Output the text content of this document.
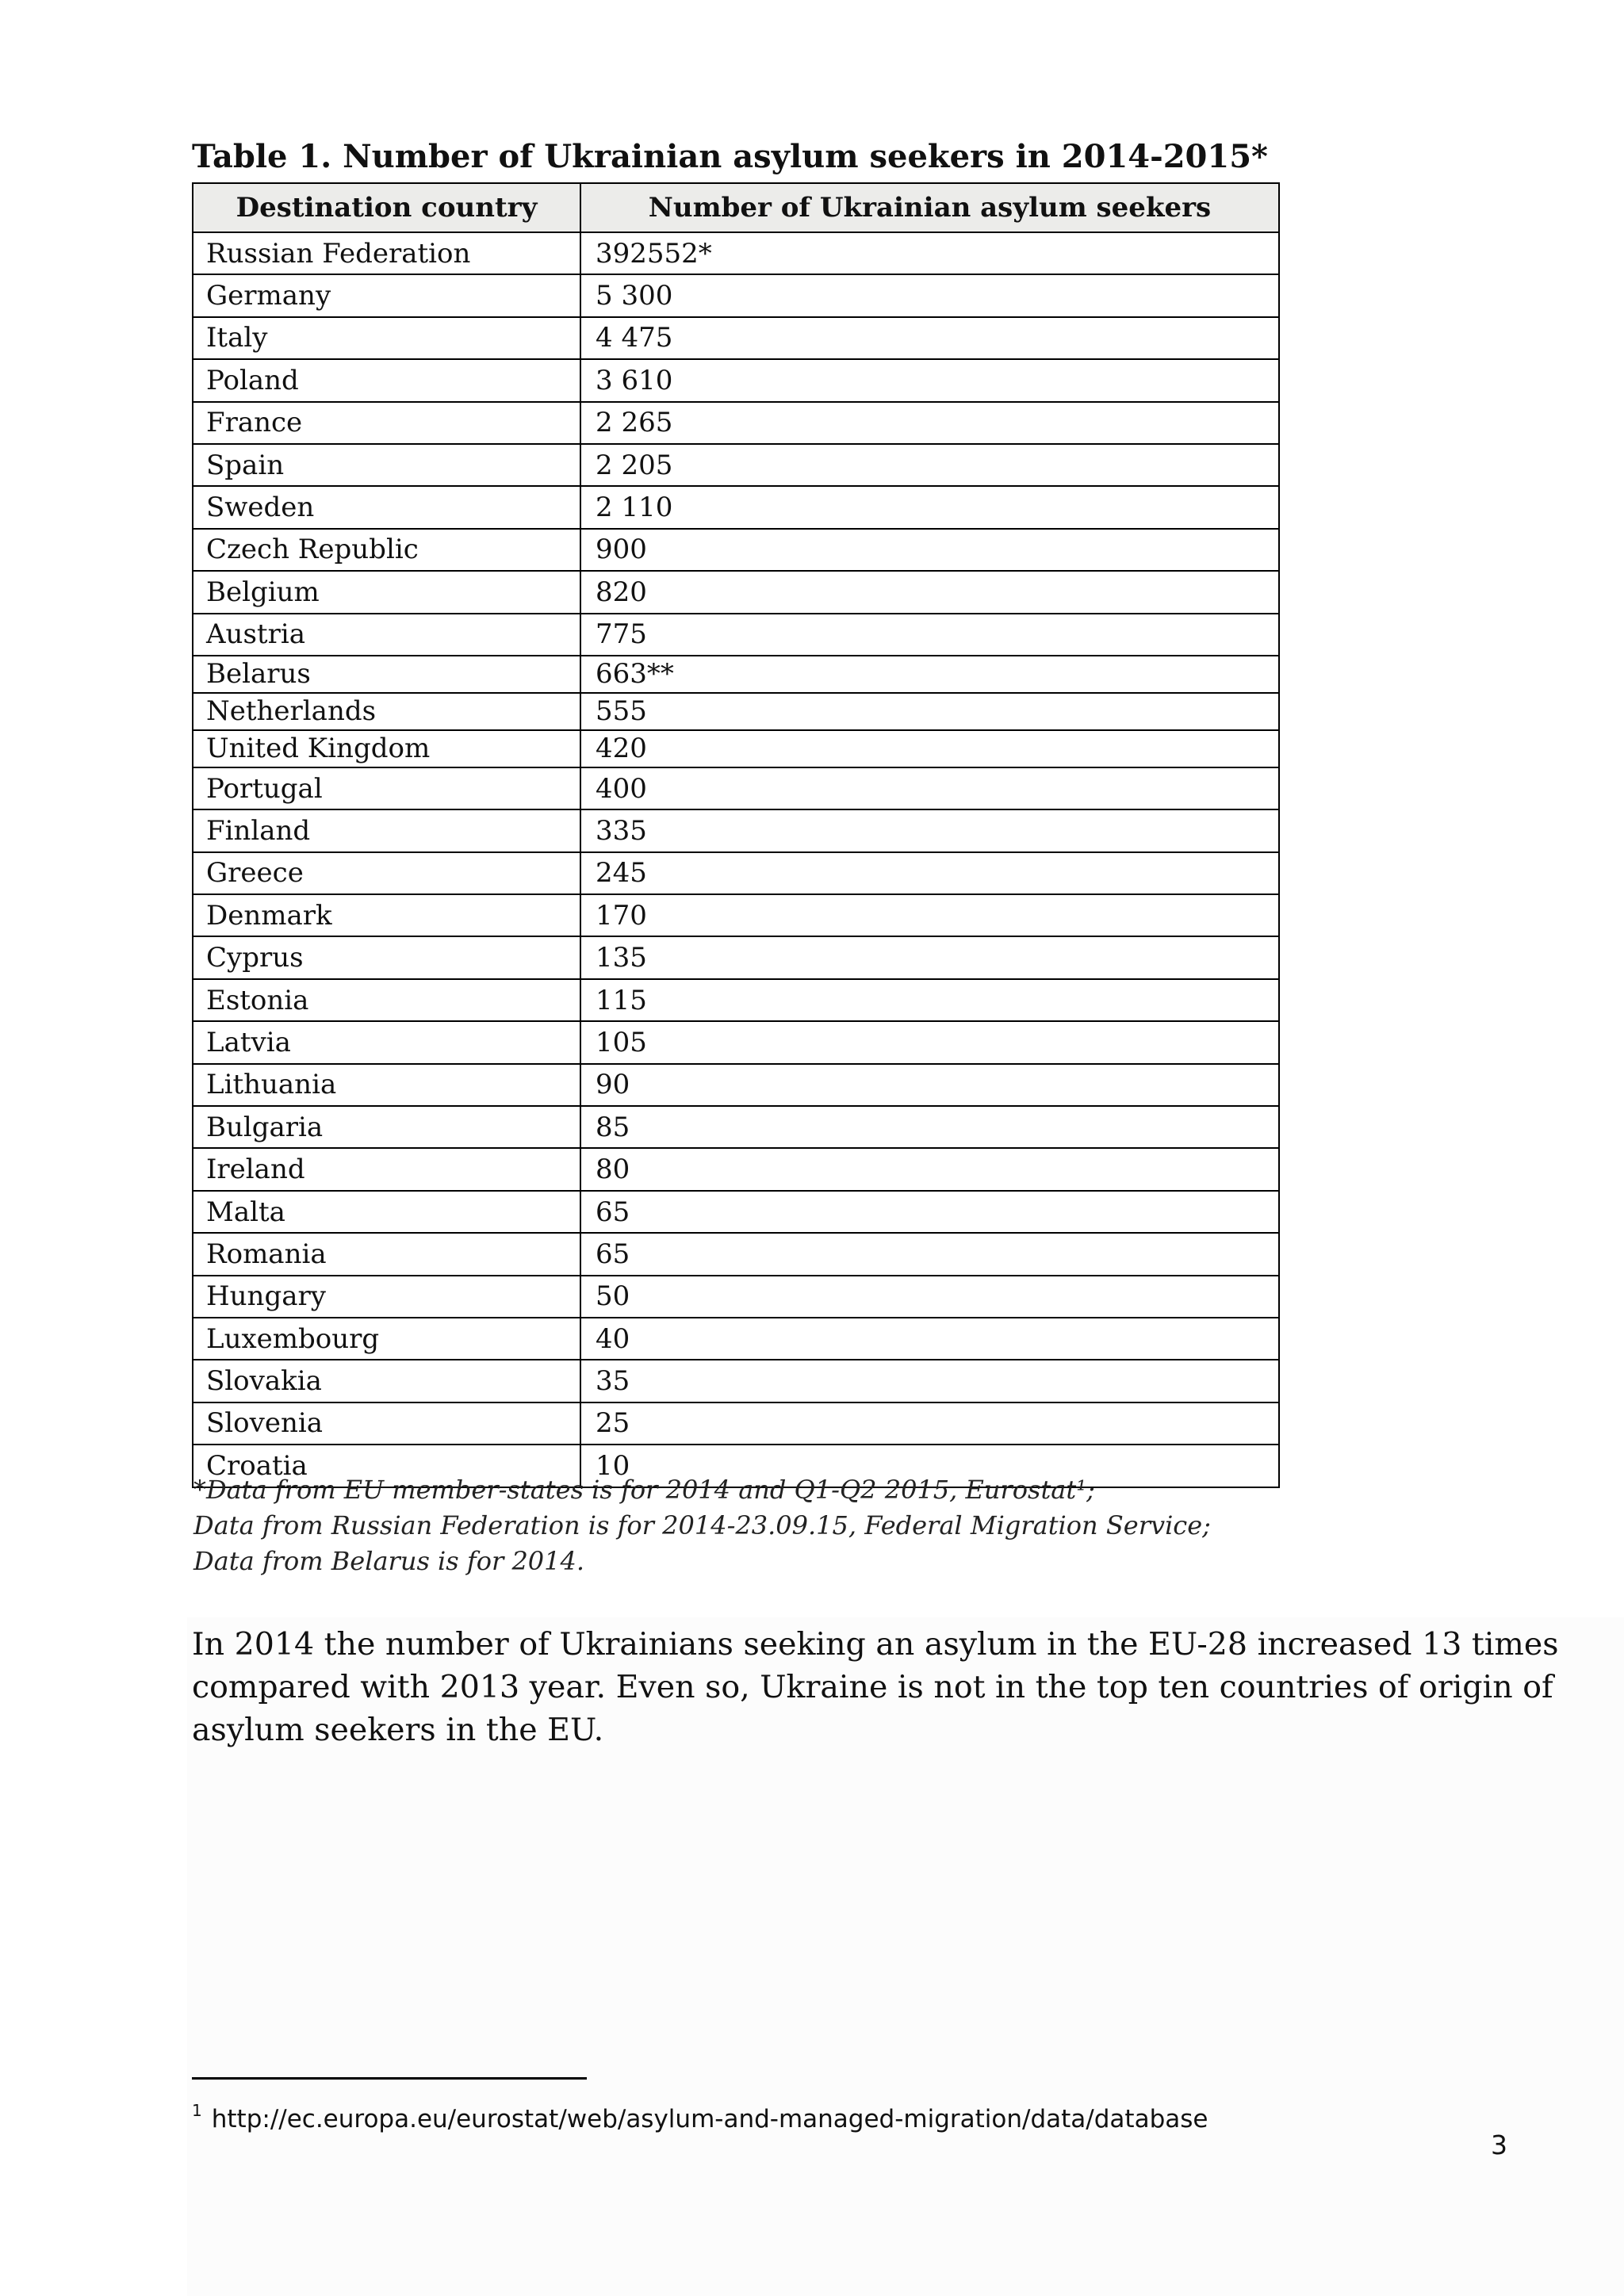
Table 1. Number of Ukrainian asylum seekers in 2014-2015*
Destination country	Number of Ukrainian asylum seekers
Russian Federation	392552*
Germany	5 300
Italy	4 475
Poland	3 610
France	2 265
Spain	2 205
Sweden	2 110
Czech Republic	900
Belgium	820
Austria	775
Belarus	663**
Netherlands	555
United Kingdom	420
Portugal	400
Finland	335
Greece	245
Denmark	170
Cyprus	135
Estonia	115
Latvia	105
Lithuania	90
Bulgaria	85
Ireland	80
Malta	65
Romania	65
Hungary	50
Luxembourg	40
Slovakia	35
Slovenia	25
Croatia	10
*Data from EU member-states is for 2014 and Q1-Q2 2015, Eurostat¹;
Data from Russian Federation is for 2014-23.09.15, Federal Migration Service;
Data from Belarus is for 2014.

In 2014 the number of Ukrainians seeking an asylum in the EU-28 increased 13 times
compared with 2013 year. Even so, Ukraine is not in the top ten countries of origin of
asylum seekers in the EU.

$^1$ http://ec.europa.eu/eurostat/web/asylum-and-managed-migration/data/database
3
